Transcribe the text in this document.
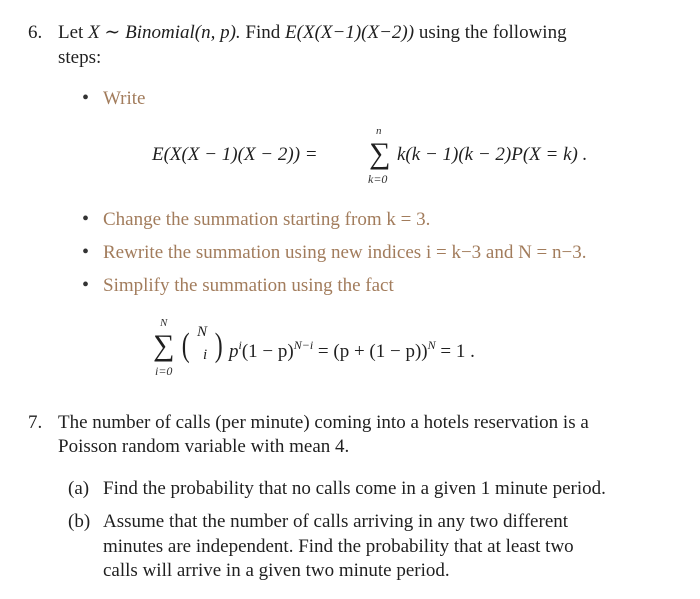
6. Let X ∼ Binomial(n, p). Find E(X(X−1)(X−2)) using the following
steps:
• Write
E(X(X − 1)(X − 2)) =
n
∑
k=0
k(k − 1)(k − 2)P(X = k) .
• Change the summation starting from k = 3.
• Rewrite the summation using new indices i = k−3 and N = n−3.
• Simplify the summation using the fact
N
∑
i=0
( N
i ) $p^i(1 - p)^{N-i} = (p + (1 - p))^N = 1$ .
7. The number of calls (per minute) coming into a hotels reservation is a
Poisson random variable with mean 4.
(a) Find the probability that no calls come in a given 1 minute period.
(b) Assume that the number of calls arriving in any two different
minutes are independent. Find the probability that at least two
calls will arrive in a given two minute period.
